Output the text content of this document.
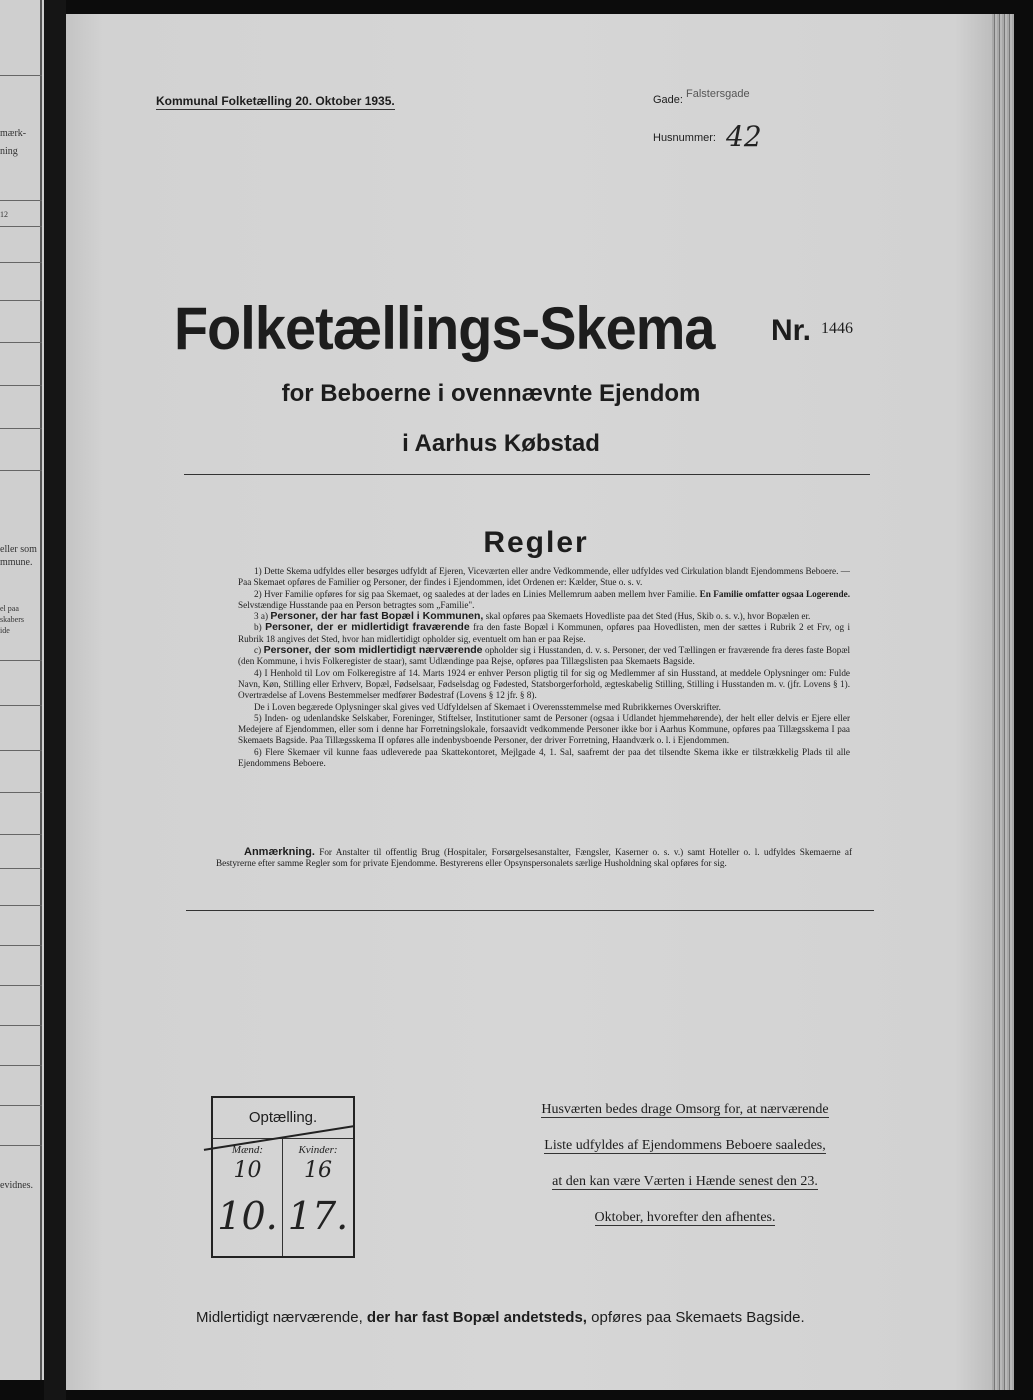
mærk-
ning
12
eller som
mmune.
el paa
skabers
ide
evidnes.
Kommunal Folketælling 20. Oktober 1935.	Gade: Falstersgade
Husnummer: 42
Folketællings-Skema Nr. 1446
for Beboerne i ovennævnte Ejendom
i Aarhus Købstad
Regler

1) Dette Skema udfyldes eller besørges udfyldt af Ejeren, Viceværten eller andre Vedkommende, eller udfyldes ved Cirkulation blandt Ejendommens Beboere. — Paa Skemaet opføres de Familier og Personer, der findes i Ejendommen, idet Ordenen er: Kælder, Stue o. s. v.

2) Hver Familie opføres for sig paa Skemaet, og saaledes at der lades en Linies Mellemrum aaben mellem hver Familie. En Familie omfatter ogsaa Logerende. Selvstændige Husstande paa en Person betragtes som „Familie".

3 a) Personer, der har fast Bopæl i Kommunen, skal opføres paa Skemaets Hovedliste paa det Sted (Hus, Skib o. s. v.), hvor Bopælen er.

b) Personer, der er midlertidigt fraværende fra den faste Bopæl i Kommunen, opføres paa Hovedlisten, men der sættes i Rubrik 2 et Frv, og i Rubrik 18 angives det Sted, hvor han midlertidigt opholder sig, eventuelt om han er paa Rejse.

c) Personer, der som midlertidigt nærværende opholder sig i Husstanden, d. v. s. Personer, der ved Tællingen er fraværende fra deres faste Bopæl (den Kommune, i hvis Folkeregister de staar), samt Udlændinge paa Rejse, opføres paa Tillægslisten paa Skemaets Bagside.

4) I Henhold til Lov om Folkeregistre af 14. Marts 1924 er enhver Person pligtig til for sig og Medlemmer af sin Husstand, at meddele Oplysninger om: Fulde Navn, Køn, Stilling eller Erhverv, Bopæl, Fødselsaar, Fødselsdag og Fødested, Statsborgerforhold, ægteskabelig Stilling, Stilling i Husstanden m. v. (jfr. Lovens § 1). Overtrædelse af Lovens Bestemmelser medfører Bødestraf (Lovens § 12 jfr. § 8).

De i Loven begærede Oplysninger skal gives ved Udfyldelsen af Skemaet i Overensstemmelse med Rubrikkernes Overskrifter.

5) Inden- og udenlandske Selskaber, Foreninger, Stiftelser, Institutioner samt de Personer (ogsaa i Udlandet hjemmehørende), der helt eller delvis er Ejere eller Medejere af Ejendommen, eller som i denne har Forretningslokale, forsaavidt vedkommende Personer ikke bor i Aarhus Kommune, opføres paa Tillægsskema I paa Skemaets Bagside. Paa Tillægsskema II opføres alle indenbysboende Personer, der driver Forretning, Haandværk o. l. i Ejendommen.

6) Flere Skemaer vil kunne faas udleverede paa Skattekontoret, Mejlgade 4, 1. Sal, saafremt der paa det tilsendte Skema ikke er tilstrækkelig Plads til alle Ejendommens Beboere.

Anmærkning. For Anstalter til offentlig Brug (Hospitaler, Forsørgelsesanstalter, Fængsler, Kaserner o. s. v.) samt Hoteller o. l. udfyldes Skemaerne af Bestyrerne efter samme Regler som for private Ejendomme. Bestyrerens eller Opsynspersonalets særlige Husholdning skal opføres for sig.
Optælling.
Mænd:
10
10.
Kvinder:
16
17.
Husværten bedes drage Omsorg for, at nærværende
Liste udfyldes af Ejendommens Beboere saaledes,
at den kan være Værten i Hænde senest den 23.
Oktober, hvorefter den afhentes.
Midlertidigt nærværende, der har fast Bopæl andetsteds, opføres paa Skemaets Bagside.
